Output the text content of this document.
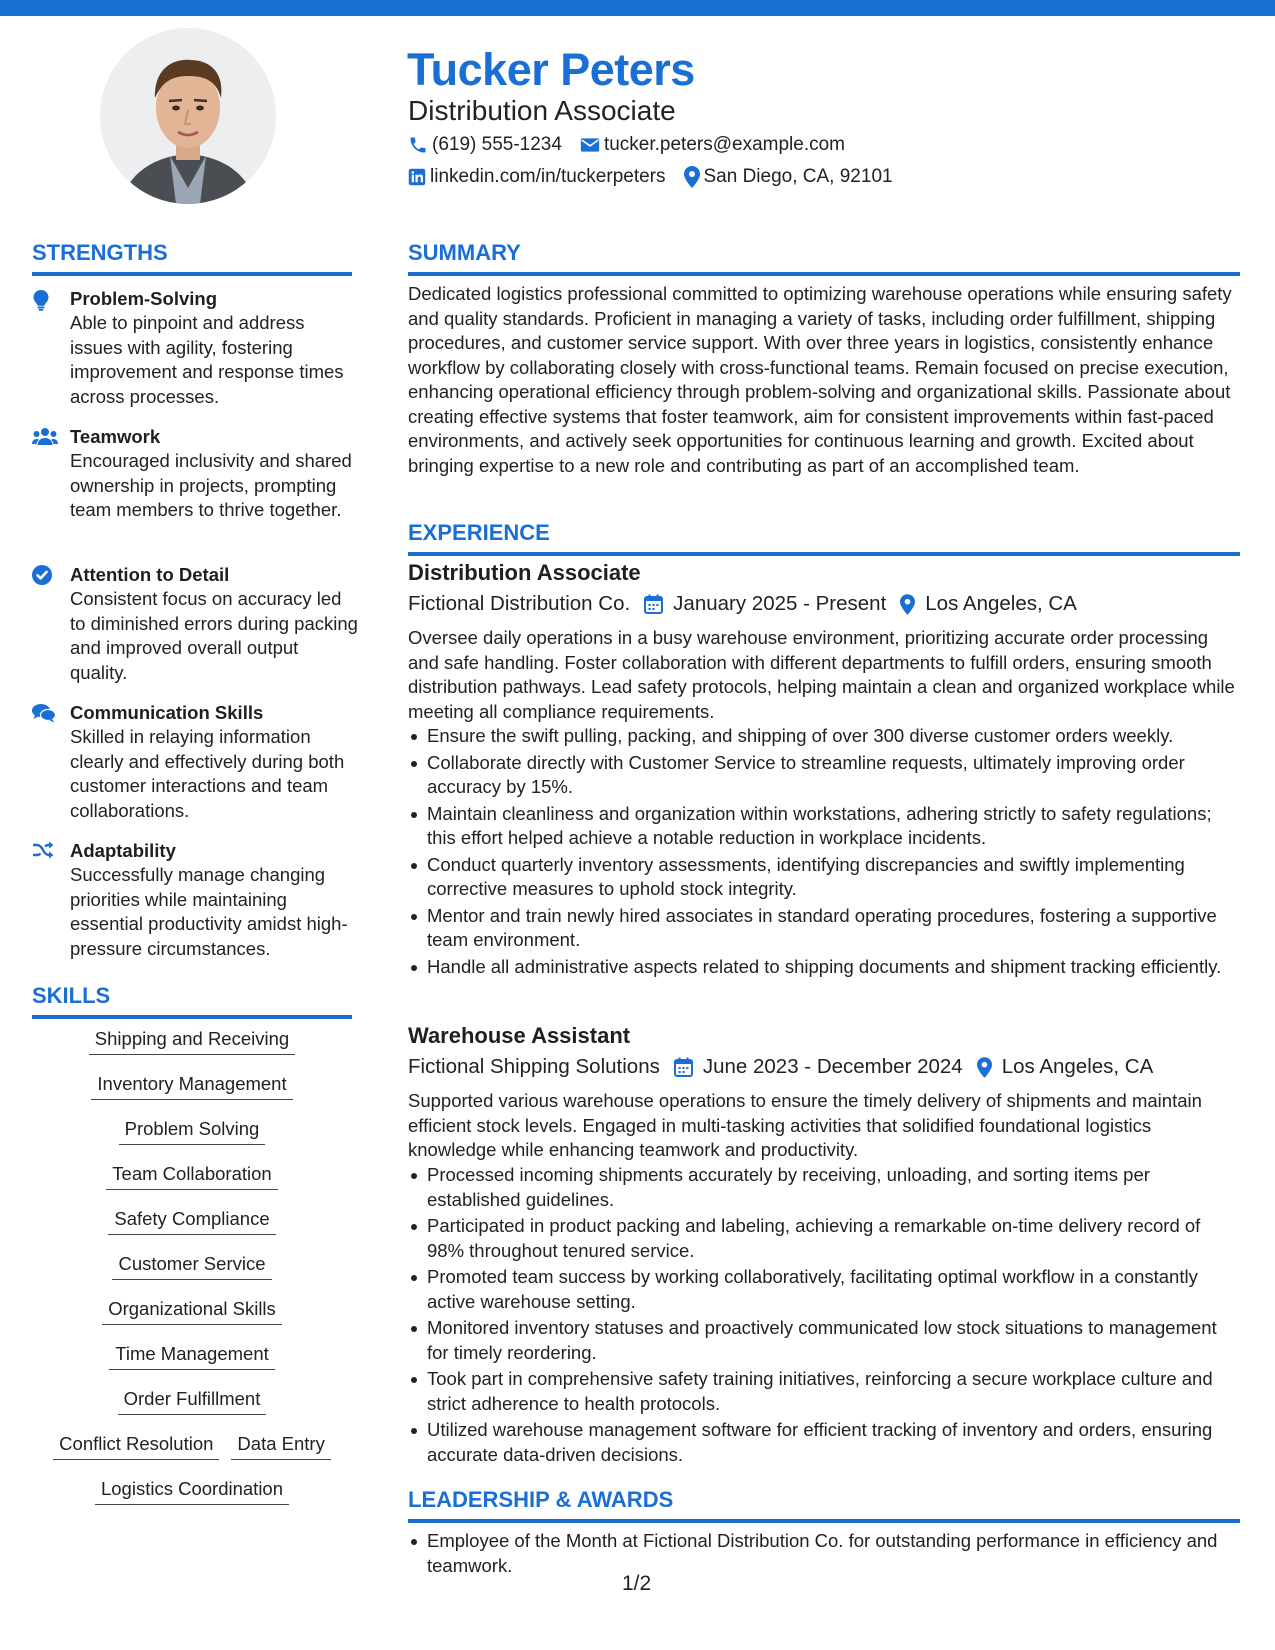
Tucker Peters
Distribution Associate
(619) 555-1234 tucker.peters@example.com
linkedin.com/in/tuckerpeters San Diego, CA, 92101
STRENGTHS
Problem-Solving
Able to pinpoint and address issues with agility, fostering improvement and response times across processes.
Teamwork
Encouraged inclusivity and shared ownership in projects, prompting team members to thrive together.
Attention to Detail
Consistent focus on accuracy led to diminished errors during packing and improved overall output quality.
Communication Skills
Skilled in relaying information clearly and effectively during both customer interactions and team collaborations.
Adaptability
Successfully manage changing priorities while maintaining essential productivity amidst high-pressure circumstances.
SKILLS
Shipping and Receiving
Inventory Management
Problem Solving
Team Collaboration
Safety Compliance
Customer Service
Organizational Skills
Time Management
Order Fulfillment
Conflict Resolution	Data Entry
Logistics Coordination
SUMMARY
Dedicated logistics professional committed to optimizing warehouse operations while ensuring safety and quality standards. Proficient in managing a variety of tasks, including order fulfillment, shipping procedures, and customer service support. With over three years in logistics, consistently enhance workflow by collaborating closely with cross-functional teams. Remain focused on precise execution, enhancing operational efficiency through problem-solving and organizational skills. Passionate about creating effective systems that foster teamwork, aim for consistent improvements within fast-paced environments, and actively seek opportunities for continuous learning and growth. Excited about bringing expertise to a new role and contributing as part of an accomplished team.
EXPERIENCE
Distribution Associate
Fictional Distribution Co. January 2025 - Present Los Angeles, CA
Oversee daily operations in a busy warehouse environment, prioritizing accurate order processing and safe handling. Foster collaboration with different departments to fulfill orders, ensuring smooth distribution pathways. Lead safety protocols, helping maintain a clean and organized workplace while meeting all compliance requirements.
Ensure the swift pulling, packing, and shipping of over 300 diverse customer orders weekly.
Collaborate directly with Customer Service to streamline requests, ultimately improving order accuracy by 15%.
Maintain cleanliness and organization within workstations, adhering strictly to safety regulations; this effort helped achieve a notable reduction in workplace incidents.
Conduct quarterly inventory assessments, identifying discrepancies and swiftly implementing corrective measures to uphold stock integrity.
Mentor and train newly hired associates in standard operating procedures, fostering a supportive team environment.
Handle all administrative aspects related to shipping documents and shipment tracking efficiently.
Warehouse Assistant
Fictional Shipping Solutions June 2023 - December 2024 Los Angeles, CA
Supported various warehouse operations to ensure the timely delivery of shipments and maintain efficient stock levels. Engaged in multi-tasking activities that solidified foundational logistics knowledge while enhancing teamwork and productivity.
Processed incoming shipments accurately by receiving, unloading, and sorting items per established guidelines.
Participated in product packing and labeling, achieving a remarkable on-time delivery record of 98% throughout tenured service.
Promoted team success by working collaboratively, facilitating optimal workflow in a constantly active warehouse setting.
Monitored inventory statuses and proactively communicated low stock situations to management for timely reordering.
Took part in comprehensive safety training initiatives, reinforcing a secure workplace culture and strict adherence to health protocols.
Utilized warehouse management software for efficient tracking of inventory and orders, ensuring accurate data-driven decisions.
LEADERSHIP & AWARDS
Employee of the Month at Fictional Distribution Co. for outstanding performance in efficiency and teamwork.
1/2
